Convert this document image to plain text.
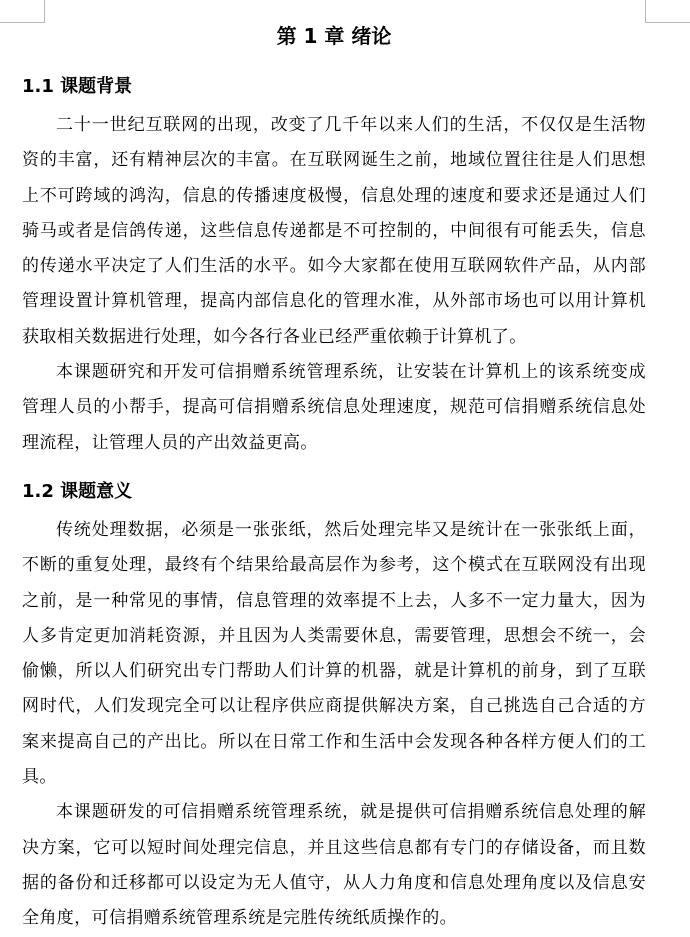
第 1 章 绪论
1.1 课题背景

二十一世纪互联网的出现，改变了几千年以来人们的生活，不仅仅是生活物资的丰富，还有精神层次的丰富。在互联网诞生之前，地域位置往往是人们思想上不可跨域的鸿沟，信息的传播速度极慢，信息处理的速度和要求还是通过人们骑马或者是信鸽传递，这些信息传递都是不可控制的，中间很有可能丢失，信息的传递水平决定了人们生活的水平。如今大家都在使用互联网软件产品，从内部管理设置计算机管理，提高内部信息化的管理水准，从外部市场也可以用计算机获取相关数据进行处理，如今各行各业已经严重依赖于计算机了。

本课题研究和开发可信捐赠系统管理系统，让安装在计算机上的该系统变成管理人员的小帮手，提高可信捐赠系统信息处理速度，规范可信捐赠系统信息处理流程，让管理人员的产出效益更高。

1.2 课题意义

传统处理数据，必须是一张张纸，然后处理完毕又是统计在一张张纸上面，不断的重复处理，最终有个结果给最高层作为参考，这个模式在互联网没有出现之前，是一种常见的事情，信息管理的效率提不上去，人多不一定力量大，因为人多肯定更加消耗资源，并且因为人类需要休息，需要管理，思想会不统一，会偷懒，所以人们研究出专门帮助人们计算的机器，就是计算机的前身，到了互联网时代，人们发现完全可以让程序供应商提供解决方案，自己挑选自己合适的方案来提高自己的产出比。所以在日常工作和生活中会发现各种各样方便人们的工具。

本课题研发的可信捐赠系统管理系统，就是提供可信捐赠系统信息处理的解决方案，它可以短时间处理完信息，并且这些信息都有专门的存储设备，而且数据的备份和迁移都可以设定为无人值守，从人力角度和信息处理角度以及信息安全角度，可信捐赠系统管理系统是完胜传统纸质操作的。
